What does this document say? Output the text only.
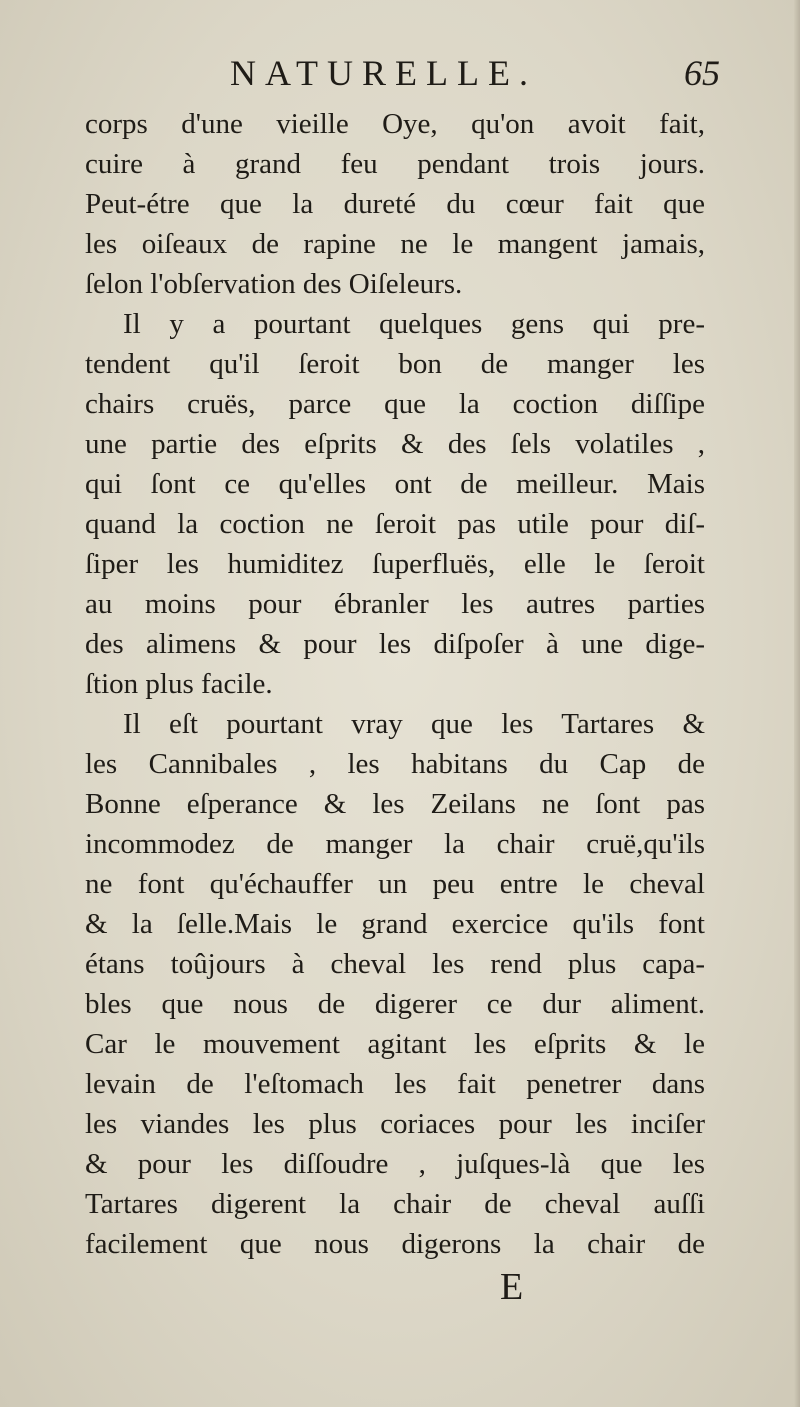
NATURELLE.	65
corps d'une vieille Oye, qu'on avoit fait,
cuire à grand feu pendant trois jours.
Peut-étre que la dureté du cœur fait que
les oiſeaux de rapine ne le mangent jamais,
ſelon l'obſervation des Oiſeleurs.
Il y a pourtant quelques gens qui pre-
tendent qu'il ſeroit bon de manger les
chairs cruës, parce que la coction diſſipe
une partie des eſprits & des ſels volatiles ,
qui ſont ce qu'elles ont de meilleur. Mais
quand la coction ne ſeroit pas utile pour diſ-
ſiper les humiditez ſuperfluës, elle le ſeroit
au moins pour ébranler les autres parties
des alimens & pour les diſpoſer à une dige-
ſtion plus facile.
Il eſt pourtant vray que les Tartares &
les Cannibales , les habitans du Cap de
Bonne eſperance & les Zeilans ne ſont pas
incommodez de manger la chair cruë,qu'ils
ne font qu'échauffer un peu entre le cheval
& la ſelle.Mais le grand exercice qu'ils font
étans toûjours à cheval les rend plus capa-
bles que nous de digerer ce dur aliment.
Car le mouvement agitant les eſprits & le
levain de l'eſtomach les fait penetrer dans
les viandes les plus coriaces pour les inciſer
& pour les diſſoudre , juſques-là que les
Tartares digerent la chair de cheval auſſi
facilement que nous digerons la chair de
E
